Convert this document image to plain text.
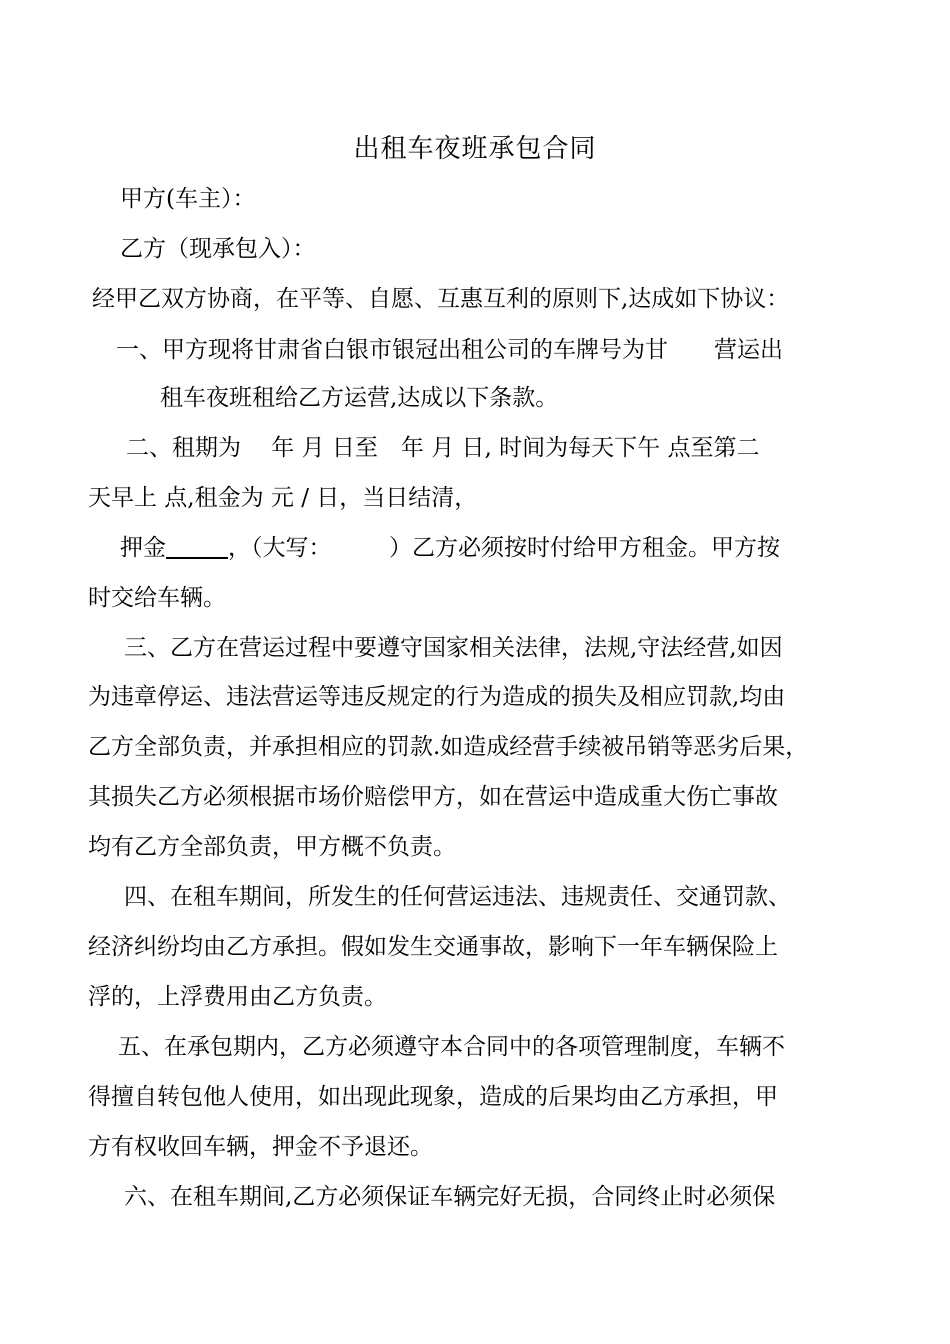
出租车夜班承包合同
甲方(车主）：
乙方（现承包入）：
经甲乙双方协商，在平等、自愿、互惠互利的原则下,达成如下协议：
一、甲方现将甘肃省白银市银冠出租公司的车牌号为甘　　营运出
租车夜班租给乙方运营,达成以下条款。
二、租期为　 年 月 日至　年 月 日, 时间为每天下午 点至第二
天早上 点,租金为 元 / 日，当日结清，
押金	，（大写：　　　）乙方必须按时付给甲方租金。甲方按
时交给车辆。
三、乙方在营运过程中要遵守国家相关法律，法规,守法经营,如因
为违章停运、违法营运等违反规定的行为造成的损失及相应罚款,均由
乙方全部负责，并承担相应的罚款.如造成经营手续被吊销等恶劣后果，
其损失乙方必须根据市场价赔偿甲方，如在营运中造成重大伤亡事故
均有乙方全部负责，甲方概不负责。
四、在租车期间，所发生的任何营运违法、违规责任、交通罚款、
经济纠纷均由乙方承担。假如发生交通事故，影响下一年车辆保险上
浮的，上浮费用由乙方负责。
五、在承包期内，乙方必须遵守本合同中的各项管理制度，车辆不
得擅自转包他人使用，如出现此现象，造成的后果均由乙方承担，甲
方有权收回车辆，押金不予退还。
六、在租车期间,乙方必须保证车辆完好无损，合同终止时必须保
